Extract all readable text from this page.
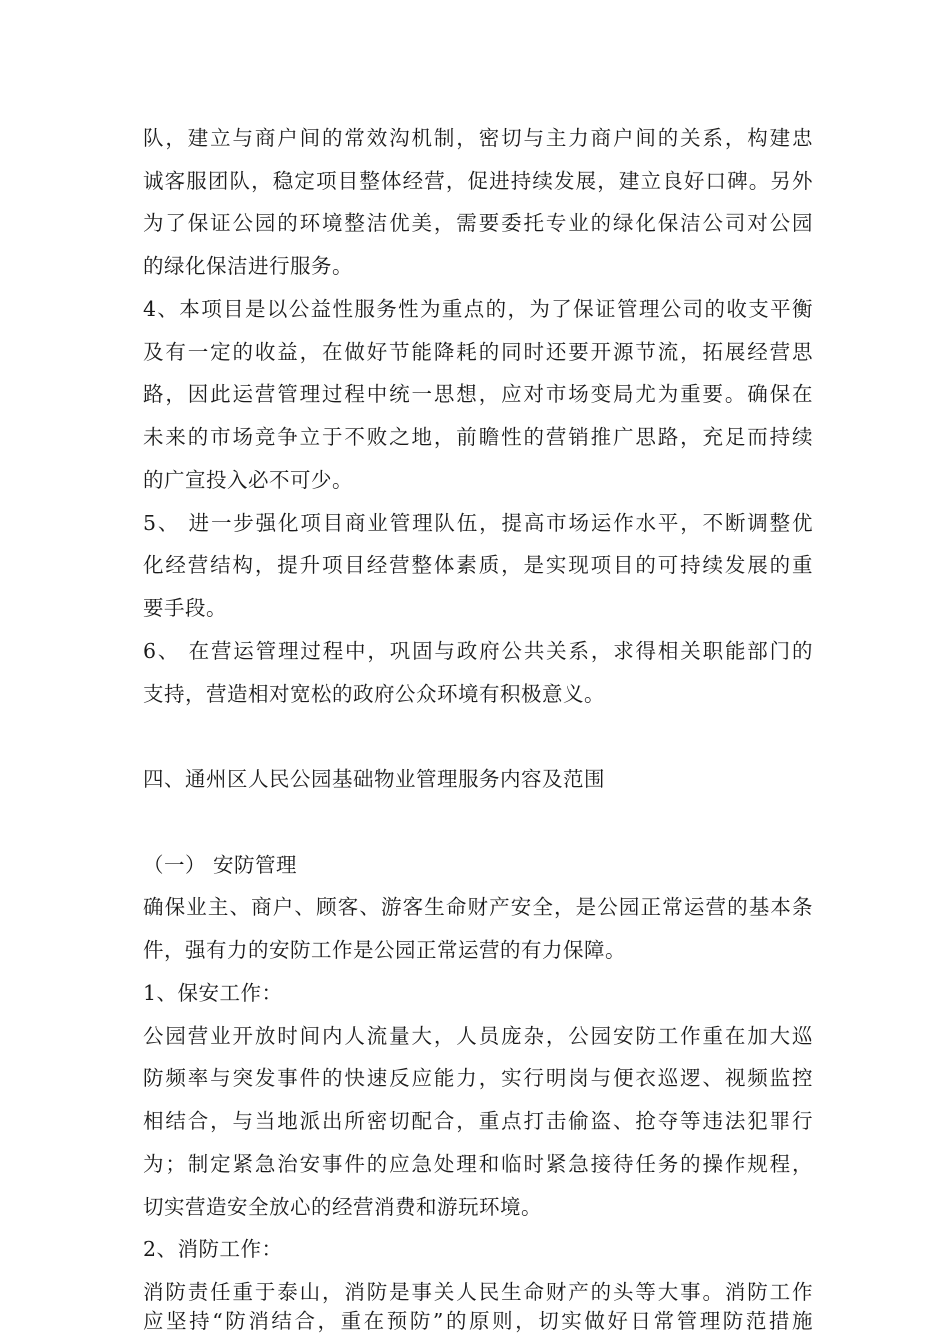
队，建立与商户间的常效沟机制，密切与主力商户间的关系，构建忠
诚客服团队，稳定项目整体经营，促进持续发展，建立良好口碑。另外
为了保证公园的环境整洁优美，需要委托专业的绿化保洁公司对公园
的绿化保洁进行服务。
4、本项目是以公益性服务性为重点的，为了保证管理公司的收支平衡
及有一定的收益，在做好节能降耗的同时还要开源节流，拓展经营思
路，因此运营管理过程中统一思想，应对市场变局尤为重要。确保在
未来的市场竞争立于不败之地，前瞻性的营销推广思路，充足而持续
的广宣投入必不可少。
5、 进一步强化项目商业管理队伍，提高市场运作水平，不断调整优
化经营结构，提升项目经营整体素质，是实现项目的可持续发展的重
要手段。
6、 在营运管理过程中，巩固与政府公共关系，求得相关职能部门的
支持，营造相对宽松的政府公众环境有积极意义。
四、通州区人民公园基础物业管理服务内容及范围
（一） 安防管理
确保业主、商户、顾客、游客生命财产安全，是公园正常运营的基本条
件，强有力的安防工作是公园正常运营的有力保障。
1、保安工作：
公园营业开放时间内人流量大，人员庞杂，公园安防工作重在加大巡
防频率与突发事件的快速反应能力，实行明岗与便衣巡逻、视频监控
相结合，与当地派出所密切配合，重点打击偷盗、抢夺等违法犯罪行
为；制定紧急治安事件的应急处理和临时紧急接待任务的操作规程，
切实营造安全放心的经营消费和游玩环境。
2、消防工作：
消防责任重于泰山，消防是事关人民生命财产的头等大事。消防工作
应坚持“防消结合，重在预防”的原则，切实做好日常管理防范措施
